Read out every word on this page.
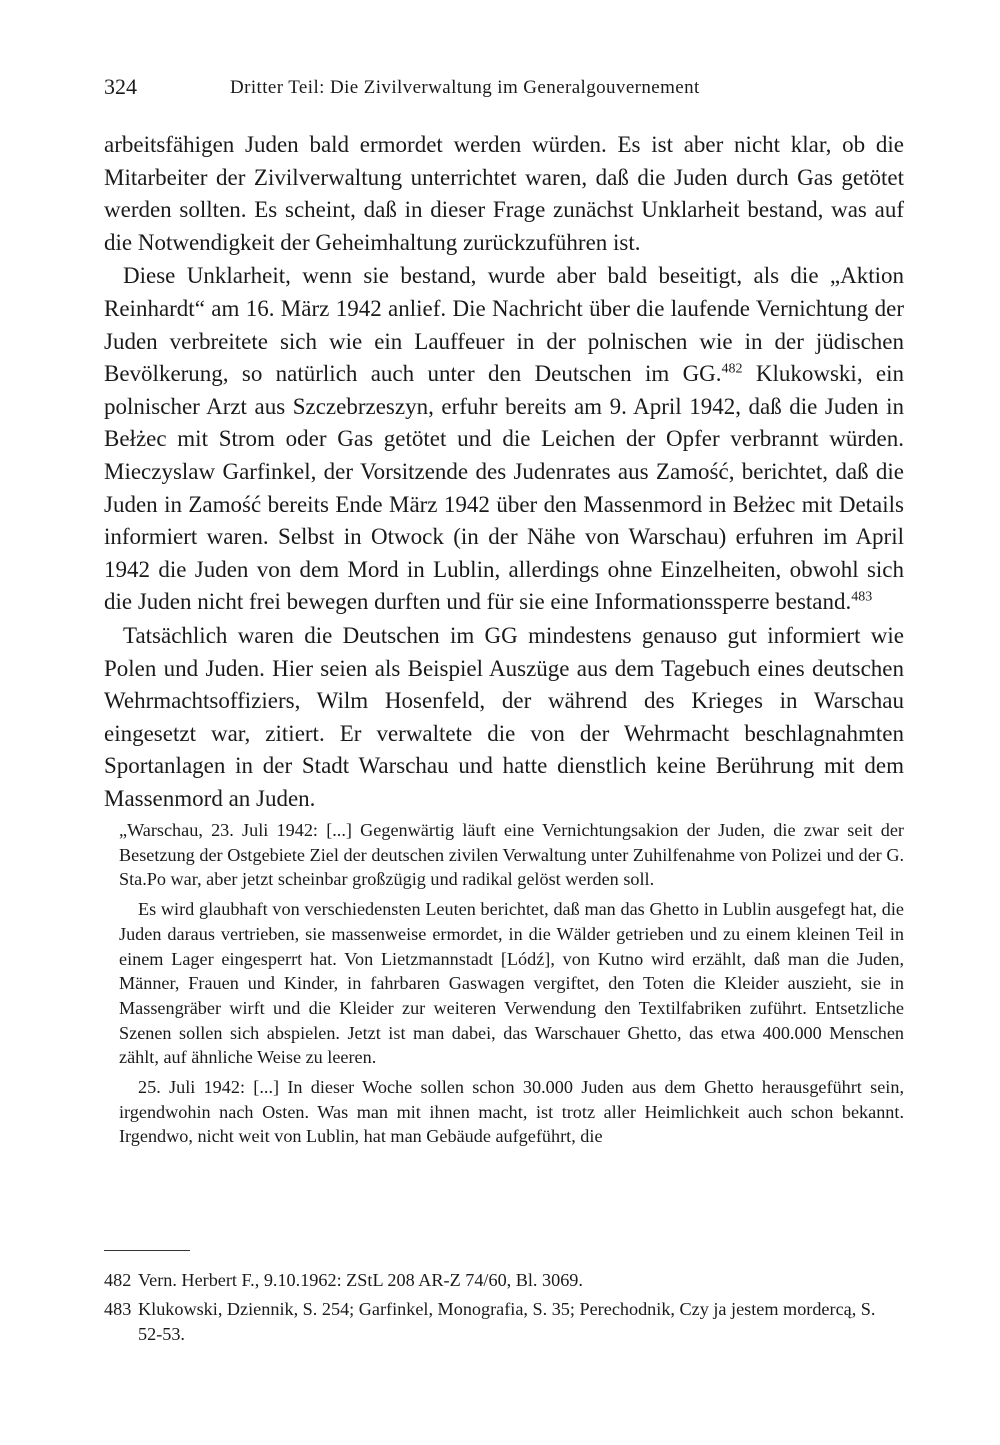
324	Dritter Teil: Die Zivilverwaltung im Generalgouvernement

arbeitsfähigen Juden bald ermordet werden würden. Es ist aber nicht klar, ob die Mitarbeiter der Zivilverwaltung unterrichtet waren, daß die Juden durch Gas getötet werden sollten. Es scheint, daß in dieser Frage zunächst Unklarheit bestand, was auf die Notwendigkeit der Geheimhaltung zurückzuführen ist.

Diese Unklarheit, wenn sie bestand, wurde aber bald beseitigt, als die „Aktion Reinhardt“ am 16. März 1942 anlief. Die Nachricht über die laufende Vernichtung der Juden verbreitete sich wie ein Lauffeuer in der polnischen wie in der jüdischen Bevölkerung, so natürlich auch unter den Deutschen im GG.$^{482}$ Klukowski, ein polnischer Arzt aus Szczebrzeszyn, erfuhr bereits am 9. April 1942, daß die Juden in Bełżec mit Strom oder Gas getötet und die Leichen der Opfer verbrannt würden. Mieczyslaw Garfinkel, der Vorsitzende des Judenrates aus Zamość, berichtet, daß die Juden in Zamość bereits Ende März 1942 über den Massenmord in Bełżec mit Details informiert waren. Selbst in Otwock (in der Nähe von Warschau) erfuhren im April 1942 die Juden von dem Mord in Lublin, allerdings ohne Einzelheiten, obwohl sich die Juden nicht frei bewegen durften und für sie eine Informationssperre bestand.$^{483}$

Tatsächlich waren die Deutschen im GG mindestens genauso gut informiert wie Polen und Juden. Hier seien als Beispiel Auszüge aus dem Tagebuch eines deutschen Wehrmachtsoffiziers, Wilm Hosenfeld, der während des Krieges in Warschau eingesetzt war, zitiert. Er verwaltete die von der Wehrmacht beschlagnahmten Sportanlagen in der Stadt Warschau und hatte dienstlich keine Berührung mit dem Massenmord an Juden.

„Warschau, 23. Juli 1942: [...] Gegenwärtig läuft eine Vernichtungsakion der Juden, die zwar seit der Besetzung der Ostgebiete Ziel der deutschen zivilen Verwaltung unter Zuhilfenahme von Polizei und der G. Sta.Po war, aber jetzt scheinbar großzügig und radikal gelöst werden soll.

Es wird glaubhaft von verschiedensten Leuten berichtet, daß man das Ghetto in Lublin ausgefegt hat, die Juden daraus vertrieben, sie massenweise ermordet, in die Wälder getrieben und zu einem kleinen Teil in einem Lager eingesperrt hat. Von Lietzmannstadt [Lódź], von Kutno wird erzählt, daß man die Juden, Männer, Frauen und Kinder, in fahrbaren Gaswagen vergiftet, den Toten die Kleider auszieht, sie in Massengräber wirft und die Kleider zur weiteren Verwendung den Textilfabriken zuführt. Entsetzliche Szenen sollen sich abspielen. Jetzt ist man dabei, das Warschauer Ghetto, das etwa 400.000 Menschen zählt, auf ähnliche Weise zu leeren.

25. Juli 1942: [...] In dieser Woche sollen schon 30.000 Juden aus dem Ghetto herausgeführt sein, irgendwohin nach Osten. Was man mit ihnen macht, ist trotz aller Heimlichkeit auch schon bekannt. Irgendwo, nicht weit von Lublin, hat man Gebäude aufgeführt, die

482 Vern. Herbert F., 9.10.1962: ZStL 208 AR-Z 74/60, Bl. 3069.
483 Klukowski, Dziennik, S. 254; Garfinkel, Monografia, S. 35; Perechodnik, Czy ja jestem mordercą, S. 52-53.
